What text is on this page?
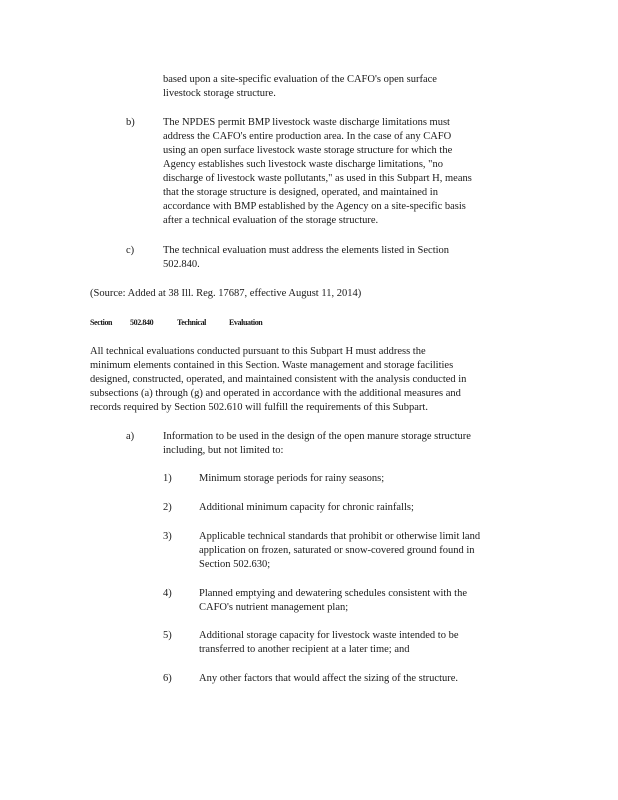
based upon a site-specific evaluation of the CAFO's open surface
livestock storage structure.
b)	The NPDES permit BMP livestock waste discharge limitations must
address the CAFO's entire production area. In the case of any CAFO
using an open surface livestock waste storage structure for which the
Agency establishes such livestock waste discharge limitations, "no
discharge of livestock waste pollutants," as used in this Subpart H, means
that the storage structure is designed, operated, and maintained in
accordance with BMP established by the Agency on a site-specific basis
after a technical evaluation of the storage structure.
c)	The technical evaluation must address the elements listed in Section
502.840.
(Source: Added at 38 Ill. Reg. 17687, effective August 11, 2014)
Section 502.840	Technical	Evaluation
All technical evaluations conducted pursuant to this Subpart H must address the
minimum elements contained in this Section. Waste management and storage facilities
designed, constructed, operated, and maintained consistent with the analysis conducted in
subsections (a) through (g) and operated in accordance with the additional measures and
records required by Section 502.610 will fulfill the requirements of this Subpart.
a)	Information to be used in the design of the open manure storage structure
including, but not limited to:
1)	Minimum storage periods for rainy seasons;
2)	Additional minimum capacity for chronic rainfalls;
3)	Applicable technical standards that prohibit or otherwise limit land
application on frozen, saturated or snow-covered ground found in
Section 502.630;
4)	Planned emptying and dewatering schedules consistent with the
CAFO's nutrient management plan;
5)	Additional storage capacity for livestock waste intended to be
transferred to another recipient at a later time; and
6)	Any other factors that would affect the sizing of the structure.
